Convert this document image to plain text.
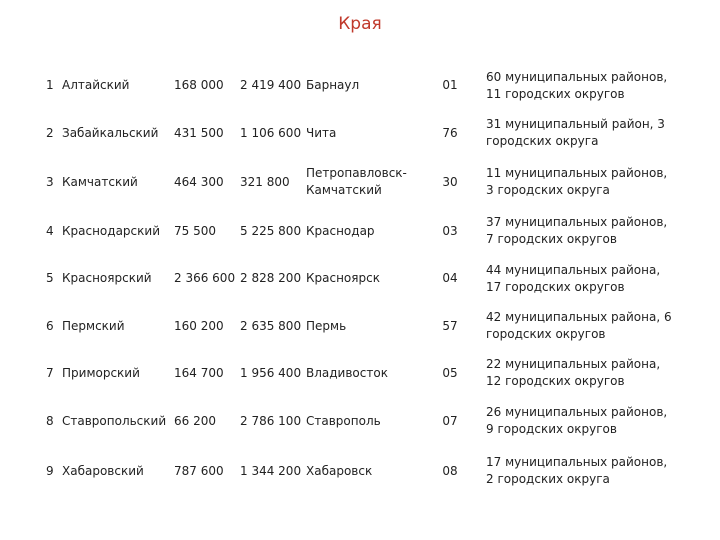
Края
1	Алтайский	168 000	2 419 400	Барнаул	01	60 муниципальных районов, 11 городских округов
2	Забайкальский	431 500	1 106 600	Чита	76	31 муниципальный район, 3 городских округа
3	Камчатский	464 300	321 800	Петропавловск-Камчатский	30	11 муниципальных районов, 3 городских округа
4	Краснодарский	75 500	5 225 800	Краснодар	03	37 муниципальных районов, 7 городских округов
5	Красноярский	2 366 600	2 828 200	Красноярск	04	44 муниципальных района, 17 городских округов
6	Пермский	160 200	2 635 800	Пермь	57	42 муниципальных района, 6 городских округов
7	Приморский	164 700	1 956 400	Владивосток	05	22 муниципальных района, 12 городских округов
8	Ставропольский	66 200	2 786 100	Ставрополь	07	26 муниципальных районов, 9 городских округов
9	Хабаровский	787 600	1 344 200	Хабаровск	08	17 муниципальных районов, 2 городских округа
